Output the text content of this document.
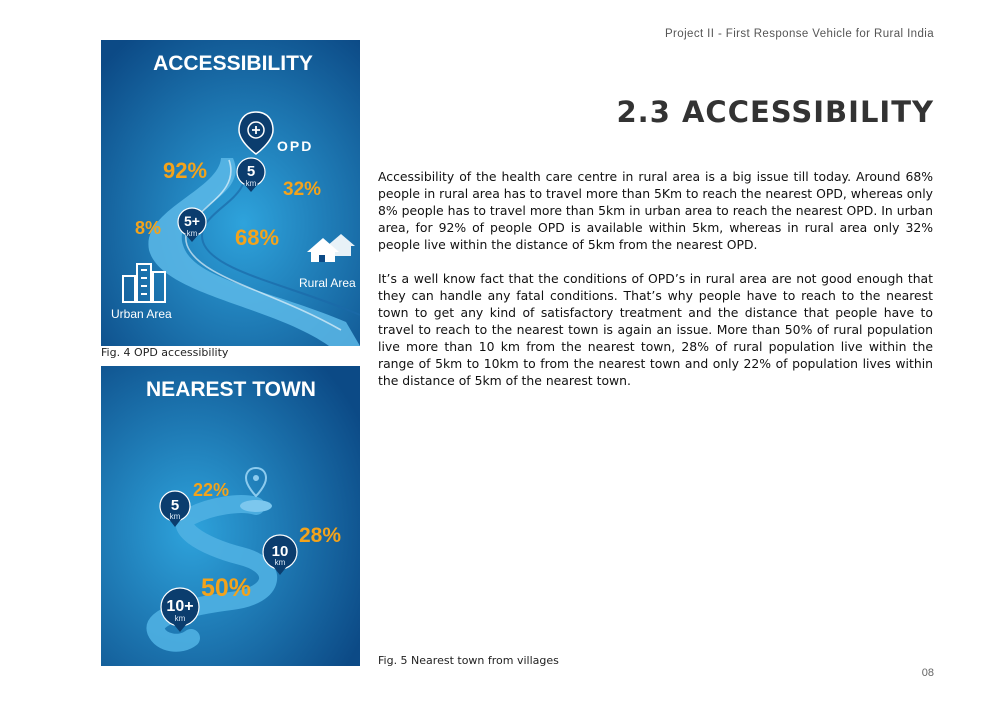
Project II - First Response Vehicle for Rural India
2.3 ACCESSIBILITY

Accessibility of the health care centre in rural area is a big issue till today. Around 68% people in rural area has to travel more than 5Km to reach the nearest OPD, whereas only 8% people has to travel more than 5km in urban area to reach the nearest OPD. In urban area, for 92% of people OPD is available within 5km, whereas in rural area only 32% people live within the distance of 5km from the nearest OPD.

It’s a well know fact that the conditions of OPD’s in rural area are not good enough that they can handle any fatal conditions. That’s why people have to reach to the nearest town to get any kind of satisfactory treatment and the distance that people have to travel to reach to the nearest town is again an issue. More than 50% of rural population live more than 10 km from the nearest town, 28% of rural population live within the range of 5km to 10km to from the nearest town and only 22% of population lives within the distance of 5km of the nearest town.

ACCESSIBILITY
OPD
92%
32%
8%	68%
5
km
5+
km
Rural Area
Urban Area
Fig. 4 OPD accessibility
NEAREST TOWN
22%
28%
50%
5
km
10
km
10+
km
Fig. 5 Nearest town from villages
08
